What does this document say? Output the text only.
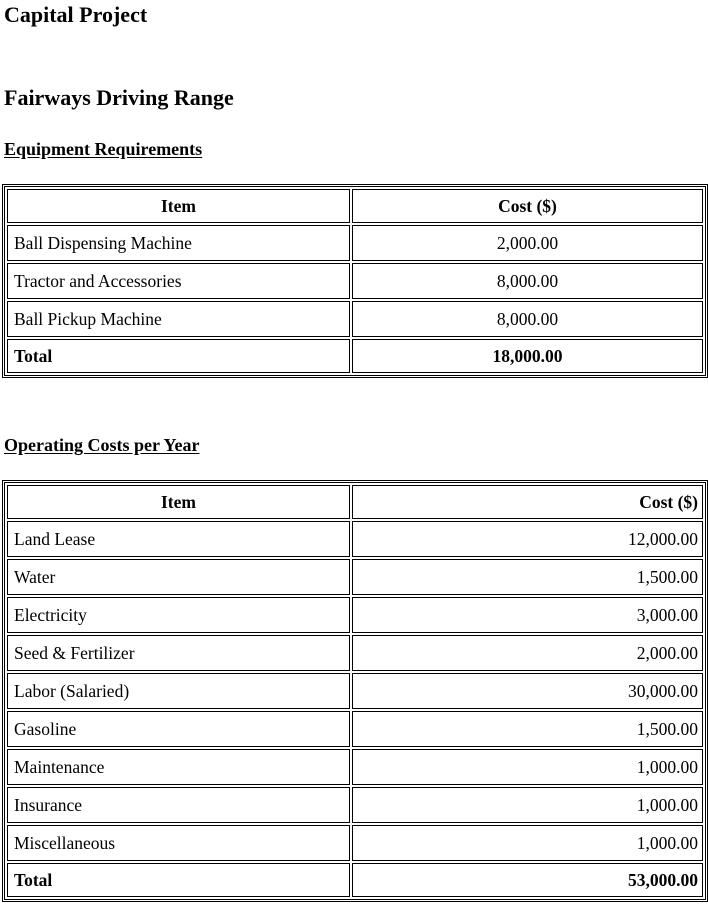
Capital Project
Fairways Driving Range
Equipment Requirements
Item	Cost ($)
Ball Dispensing Machine	2,000.00
Tractor and Accessories	8,000.00
Ball Pickup Machine	8,000.00
Total	18,000.00
Operating Costs per Year
Item	Cost ($)
Land Lease	12,000.00
Water	1,500.00
Electricity	3,000.00
Seed & Fertilizer	2,000.00
Labor (Salaried)	30,000.00
Gasoline	1,500.00
Maintenance	1,000.00
Insurance	1,000.00
Miscellaneous	1,000.00
Total	53,000.00
